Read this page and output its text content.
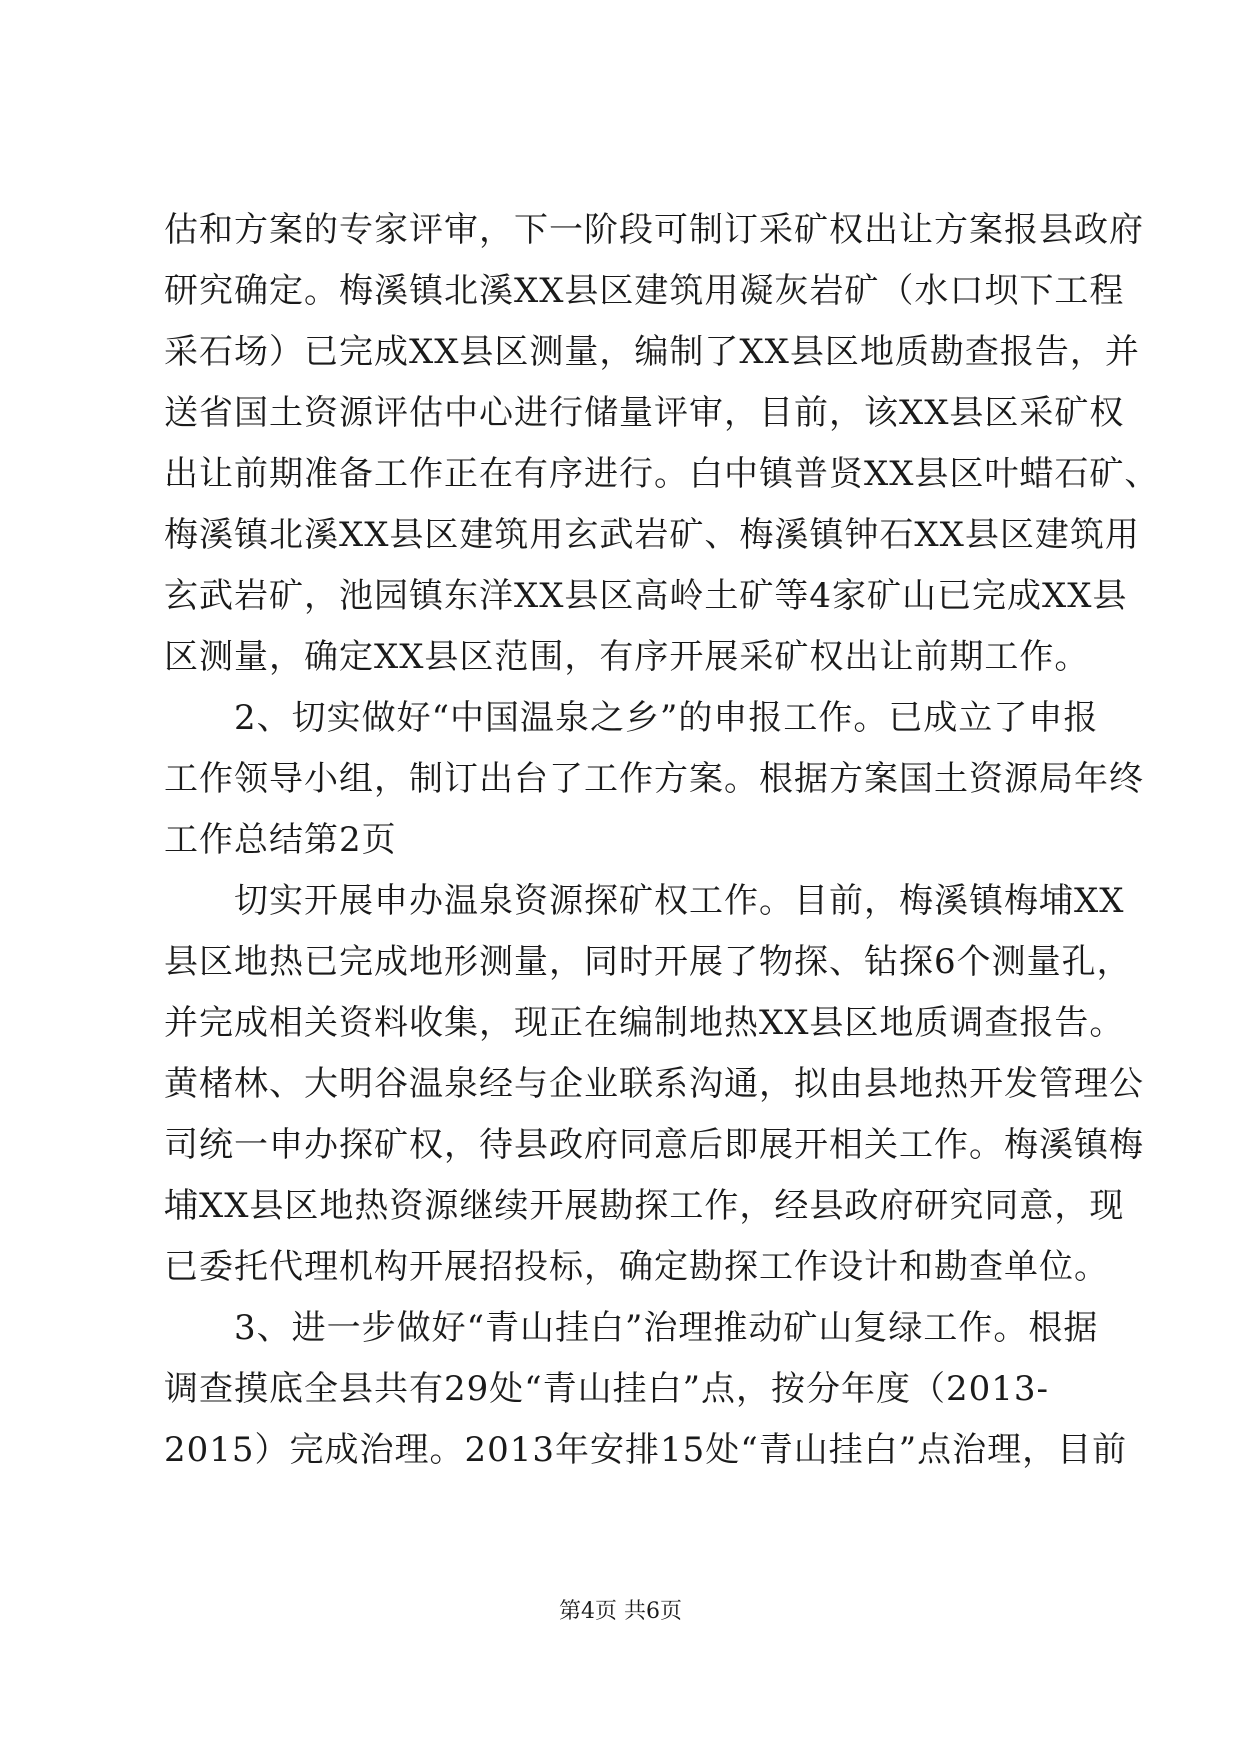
估和方案的专家评审，下一阶段可制订采矿权出让方案报县政府
研究确定。梅溪镇北溪XX县区建筑用凝灰岩矿（水口坝下工程
采石场）已完成XX县区测量，编制了XX县区地质勘查报告，并
送省国土资源评估中心进行储量评审，目前，该XX县区采矿权
出让前期准备工作正在有序进行。白中镇普贤XX县区叶蜡石矿、
梅溪镇北溪XX县区建筑用玄武岩矿、梅溪镇钟石XX县区建筑用
玄武岩矿，池园镇东洋XX县区高岭土矿等4家矿山已完成XX县
区测量，确定XX县区范围，有序开展采矿权出让前期工作。
　　2、切实做好“中国温泉之乡”的申报工作。已成立了申报
工作领导小组，制订出台了工作方案。根据方案国土资源局年终
工作总结第2页
　　切实开展申办温泉资源探矿权工作。目前，梅溪镇梅埔XX
县区地热已完成地形测量，同时开展了物探、钻探6个测量孔，
并完成相关资料收集，现正在编制地热XX县区地质调查报告。
黄楮林、大明谷温泉经与企业联系沟通，拟由县地热开发管理公
司统一申办探矿权，待县政府同意后即展开相关工作。梅溪镇梅
埔XX县区地热资源继续开展勘探工作，经县政府研究同意，现
已委托代理机构开展招投标，确定勘探工作设计和勘查单位。
　　3、进一步做好“青山挂白”治理推动矿山复绿工作。根据
调查摸底全县共有29处“青山挂白”点，按分年度（2013-
2015）完成治理。2013年安排15处“青山挂白”点治理，目前
第4页 共6页
